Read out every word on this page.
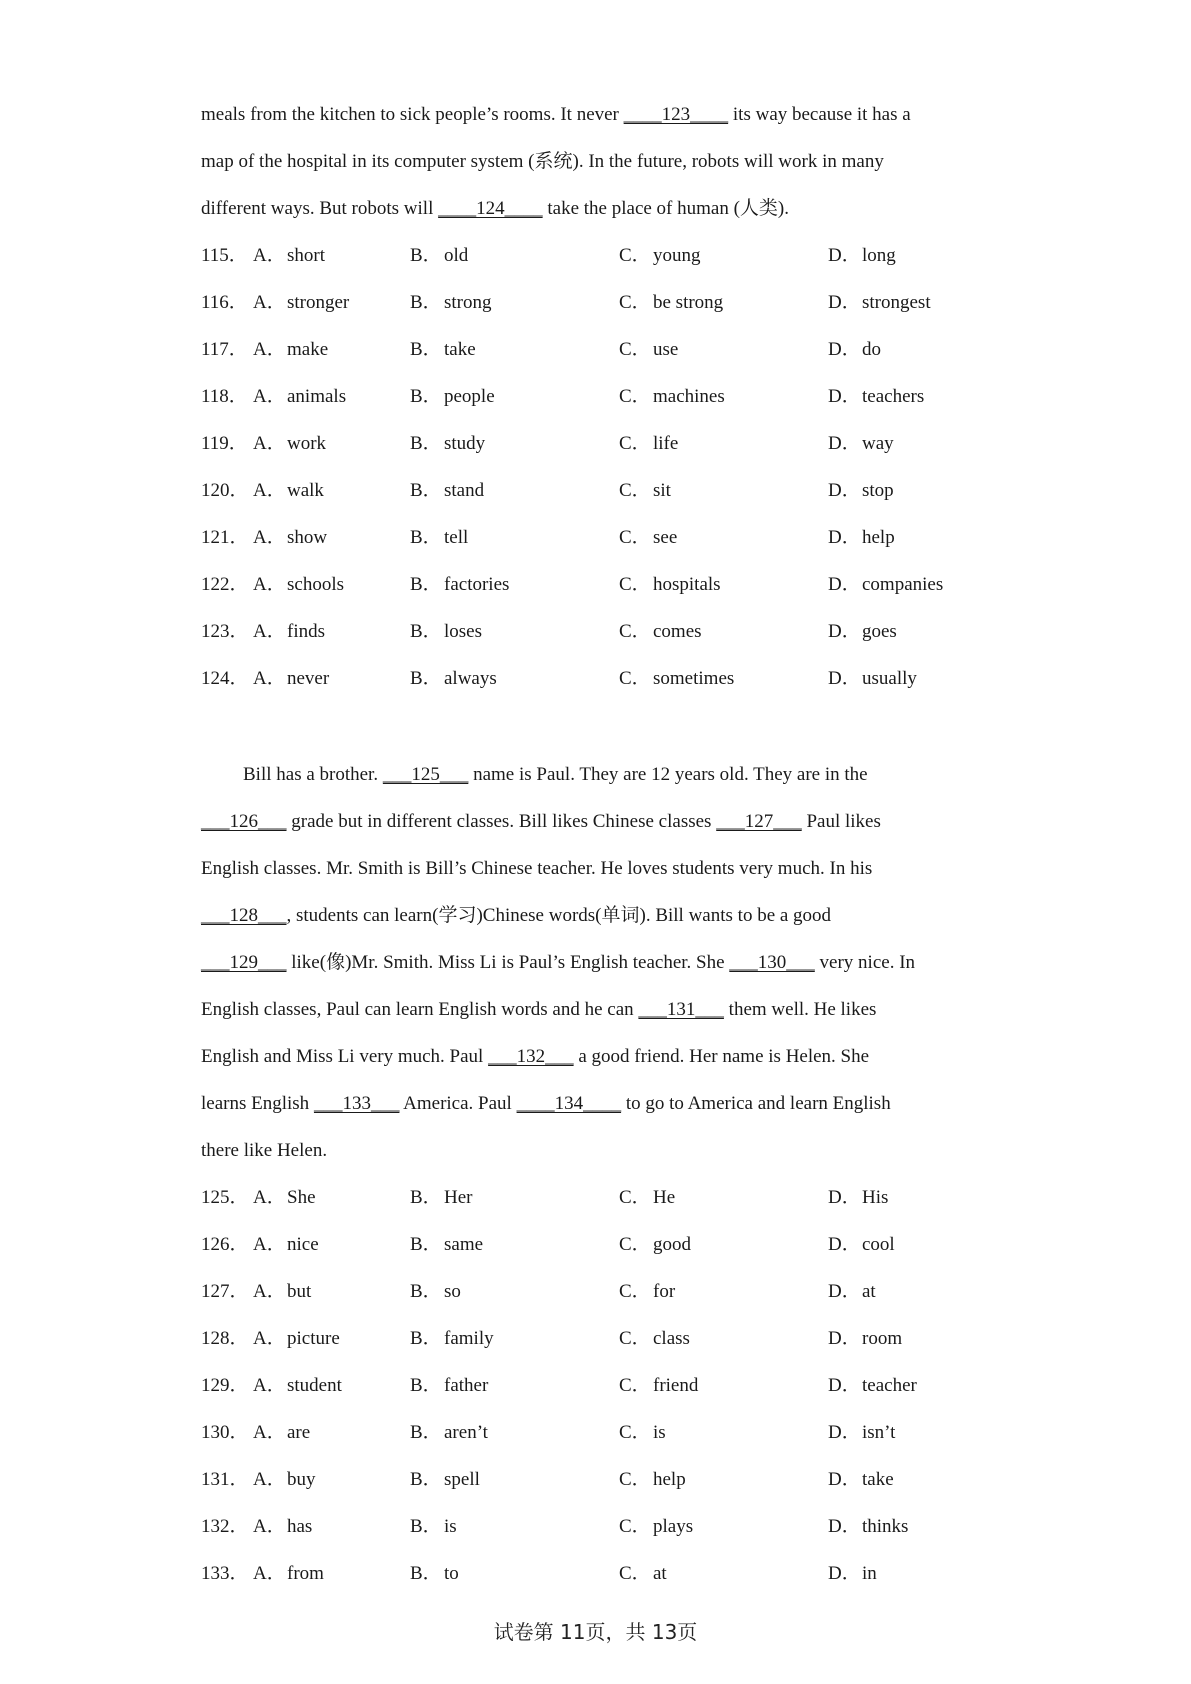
meals from the kitchen to sick people’s rooms. It never ____123____ its way because it has a
map of the hospital in its computer system (系统). In the future, robots will work in many
different ways. But robots will ____124____ take the place of human (人类).
115． A．short	B． old	C． young	D．long
116． A．stronger	B． strong	C． be strong	D．strongest
117． A．make	B． take	C． use	D．do
118． A．animals	B． people	C． machines	D．teachers
119． A．work	B． study	C． life	D．way
120． A．walk	B． stand	C． sit	D．stop
121． A．show	B． tell	C． see	D．help
122． A．schools	B． factories	C． hospitals	D．companies
123． A．finds	B． loses	C． comes	D．goes
124． A．never	B． always	C． sometimes	D．usually
Bill has a brother. ___125___ name is Paul. They are 12 years old. They are in the
___126___ grade but in different classes. Bill likes Chinese classes ___127___ Paul likes
English classes. Mr. Smith is Bill’s Chinese teacher. He loves students very much. In his
___128___, students can learn(学习)Chinese words(单词). Bill wants to be a good
___129___ like(像)Mr. Smith. Miss Li is Paul’s English teacher. She ___130___ very nice. In
English classes, Paul can learn English words and he can ___131___ them well. He likes
English and Miss Li very much. Paul ___132___ a good friend. Her name is Helen. She
learns English ___133___ America. Paul ____134____ to go to America and learn English
there like Helen.
125． A．She	B． Her	C． He	D．His
126． A．nice	B． same	C． good	D．cool
127． A．but	B． so	C． for	D．at
128． A．picture	B． family	C． class	D．room
129． A．student	B． father	C． friend	D．teacher
130． A．are	B． aren’t	C． is	D．isn’t
131． A．buy	B． spell	C． help	D．take
132． A．has	B． is	C． plays	D．thinks
133． A．from	B． to	C． at	D．in
试卷第 11页，共 13页
